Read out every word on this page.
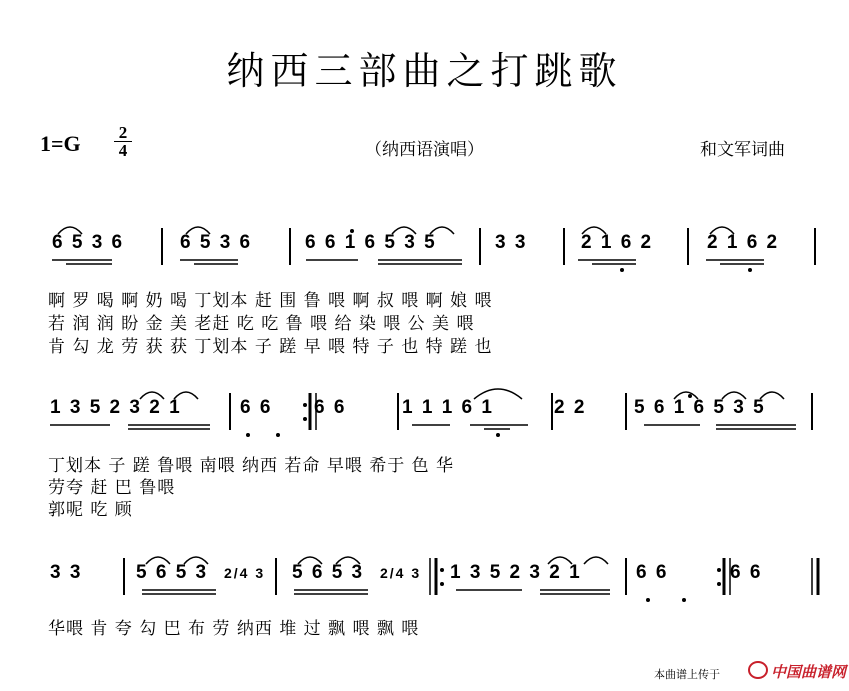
纳西三部曲之打跳歌
1=G	2
4	（纳西语演唱）	和文军词曲
6 5 3 6	6 5 3 6	6 6 1 6 5 3 5	3 3	2 1 6 2	2 1 6 2
啊 罗 喝 啊 奶 喝 丁划本 赶 围 鲁 喂 啊 叔 喂 啊 娘 喂
若 润 润 盼 金 美 老赶 吃 吃 鲁 喂 给 染 喂 公 美 喂
肯 勾 龙 劳 获 获 丁划本 子 蹉 早 喂 特 子 也 特 蹉 也
1 3 5 2 3 2 1	6 6 6 6	1 1 1 6 1	2 2	5 6 1 6 5 3 5
丁划本 子 蹉 鲁喂 南喂 纳西 若命 早喂 希于 色 华
劳夸 赶 巴 鲁喂
郭呢 吃 顾
3 3	5 6 5 3 2/4 3 5 6 5 3 2/4 3 1 3 5 2 3 2 1	6 6	6 6
华喂 肯 夸 勾 巴 布 劳 纳西 堆 过 飘 喂 飘 喂
本曲谱上传于	中国曲谱网
